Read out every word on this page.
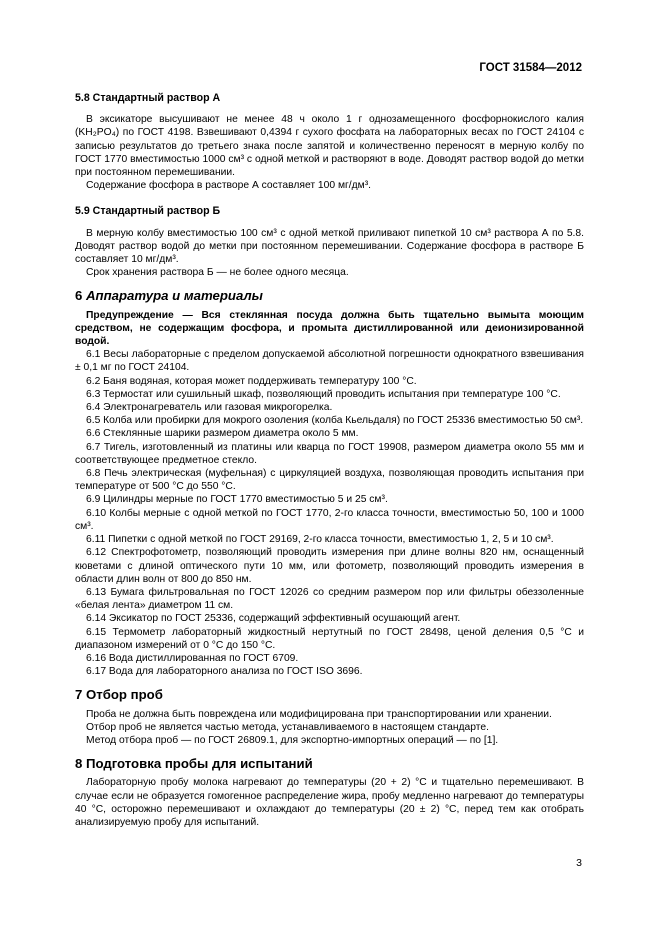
ГОСТ 31584—2012
5.8 Стандартный раствор А

В эксикаторе высушивают не менее 48 ч около 1 г однозамещенного фосфорнокислого калия (KH₂PO₄) по ГОСТ 4198. Взвешивают 0,4394 г сухого фосфата на лабораторных весах по ГОСТ 24104 с записью результатов до третьего знака после запятой и количественно переносят в мерную колбу по ГОСТ 1770 вместимостью 1000 см³ с одной меткой и растворяют в воде. Доводят раствор водой до метки при постоянном перемешивании.

Содержание фосфора в растворе А составляет 100 мг/дм³.

5.9 Стандартный раствор Б

В мерную колбу вместимостью 100 см³ с одной меткой приливают пипеткой 10 см³ раствора А по 5.8. Доводят раствор водой до метки при постоянном перемешивании. Содержание фосфора в растворе Б составляет 10 мг/дм³.

Срок хранения раствора Б — не более одного месяца.

6 Аппаратура и материалы

Предупреждение — Вся стеклянная посуда должна быть тщательно вымыта моющим средством, не содержащим фосфора, и промыта дистиллированной или деионизированной водой.

6.1 Весы лабораторные с пределом допускаемой абсолютной погрешности однократного взвешивания ± 0,1 мг по ГОСТ 24104.

6.2 Баня водяная, которая может поддерживать температуру 100 °C.

6.3 Термостат или сушильный шкаф, позволяющий проводить испытания при температуре 100 °C.

6.4 Электронагреватель или газовая микрогорелка.

6.5 Колба или пробирки для мокрого озоления (колба Кьельдаля) по ГОСТ 25336 вместимостью 50 см³.

6.6 Стеклянные шарики размером диаметра около 5 мм.

6.7 Тигель, изготовленный из платины или кварца по ГОСТ 19908, размером диаметра около 55 мм и соответствующее предметное стекло.

6.8 Печь электрическая (муфельная) с циркуляцией воздуха, позволяющая проводить испытания при температуре от 500 °C до 550 °C.

6.9 Цилиндры мерные по ГОСТ 1770 вместимостью 5 и 25 см³.

6.10 Колбы мерные с одной меткой по ГОСТ 1770, 2-го класса точности, вместимостью 50, 100 и 1000 см³.

6.11 Пипетки с одной меткой по ГОСТ 29169, 2-го класса точности, вместимостью 1, 2, 5 и 10 см³.

6.12 Спектрофотометр, позволяющий проводить измерения при длине волны 820 нм, оснащенный кюветами с длиной оптического пути 10 мм, или фотометр, позволяющий проводить измерения в области длин волн от 800 до 850 нм.

6.13 Бумага фильтровальная по ГОСТ 12026 со средним размером пор или фильтры обеззоленные «белая лента» диаметром 11 см.

6.14 Эксикатор по ГОСТ 25336, содержащий эффективный осушающий агент.

6.15 Термометр лабораторный жидкостный нертутный по ГОСТ 28498, ценой деления 0,5 °C и диапазоном измерений от 0 °C до 150 °C.

6.16 Вода дистиллированная по ГОСТ 6709.

6.17 Вода для лабораторного анализа по ГОСТ ISO 3696.

7 Отбор проб

Проба не должна быть повреждена или модифицирована при транспортировании или хранении.

Отбор проб не является частью метода, устанавливаемого в настоящем стандарте.

Метод отбора проб — по ГОСТ 26809.1, для экспортно-импортных операций — по [1].

8 Подготовка пробы для испытаний

Лабораторную пробу молока нагревают до температуры (20 + 2) °C и тщательно перемешивают. В случае если не образуется гомогенное распределение жира, пробу медленно нагревают до температуры 40 °C, осторожно перемешивают и охлаждают до температуры (20 ± 2) °C, перед тем как отобрать анализируемую пробу для испытаний.

3
